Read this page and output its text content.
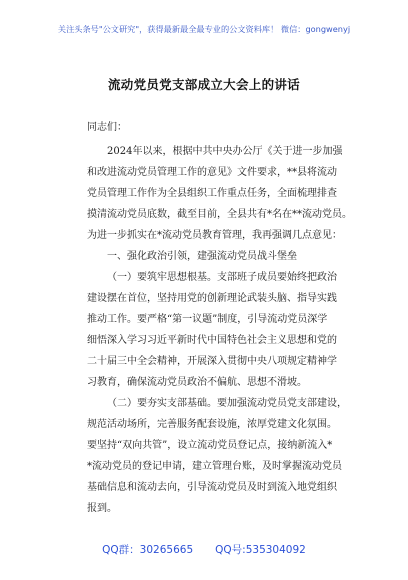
关注头条号"公文研究"，获得最新最全最专业的公文资料库！ 微信：gongwenyj
流动党员党支部成立大会上的讲话
同志们：
2024年以来，根据中共中央办公厅《关于进一步加强
和改进流动党员管理工作的意见》文件要求，**县将流动
党员管理工作作为全县组织工作重点任务，全面梳理排查
摸清流动党员底数，截至目前，全县共有*名在**流动党员。
为进一步抓实在*流动党员教育管理，我再强调几点意见：
一、强化政治引领，建强流动党员战斗堡垒
（一）要筑牢思想根基。支部班子成员要始终把政治
建设摆在首位，坚持用党的创新理论武装头脑、指导实践
推动工作。要严格“第一议题”制度，引导流动党员深学
细悟深入学习习近平新时代中国特色社会主义思想和党的
二十届三中全会精神，开展深入贯彻中央八项规定精神学
习教育，确保流动党员政治不偏航、思想不滑坡。
（二）要夯实支部基础。要加强流动党员党支部建设，
规范活动场所，完善服务配套设施，浓厚党建文化氛围。
要坚持“双向共管”，设立流动党员登记点，接纳新流入*
*流动党员的登记申请，建立管理台账，及时掌握流动党员
基础信息和流动去向，引导流动党员及时到流入地党组织
报到。
QQ群：30265665 QQ号:535304092
